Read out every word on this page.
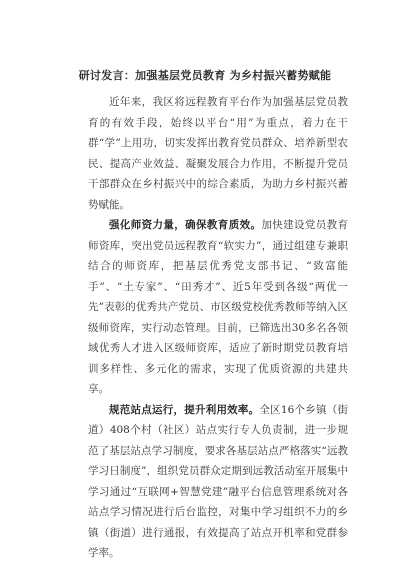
研讨发言：加强基层党员教育 为乡村振兴蓄势赋能

近年来，我区将远程教育平台作为加强基层党员教育的有效手段，始终以平台“用”为重点，着力在干群“学”上用功，切实发挥出教育党员群众、培养新型农民、提高产业效益、凝聚发展合力作用，不断提升党员干部群众在乡村振兴中的综合素质，为助力乡村振兴蓄势赋能。

强化师资力量，确保教育质效。加快建设党员教育师资库，突出党员远程教育“软实力”，通过组建专兼职结合的师资库，把基层优秀党支部书记、“致富能手”、“土专家”、“田秀才”、近5年受到各级“两优一先”表彰的优秀共产党员、市区级党校优秀教师等纳入区级师资库，实行动态管理。目前，已筛选出30多名各领域优秀人才进入区级师资库，适应了新时期党员教育培训多样性、多元化的需求，实现了优质资源的共建共享。

规范站点运行，提升利用效率。全区16个乡镇（街道）408个村（社区）站点实行专人负责制，进一步规范了基层站点学习制度，要求各基层站点严格落实“远教学习日制度”，组织党员群众定期到远教活动室开展集中学习通过“互联网+智慧党建”融平台信息管理系统对各站点学习情况进行后台监控，对集中学习组织不力的乡镇（街道）进行通报，有效提高了站点开机率和党群参学率。
